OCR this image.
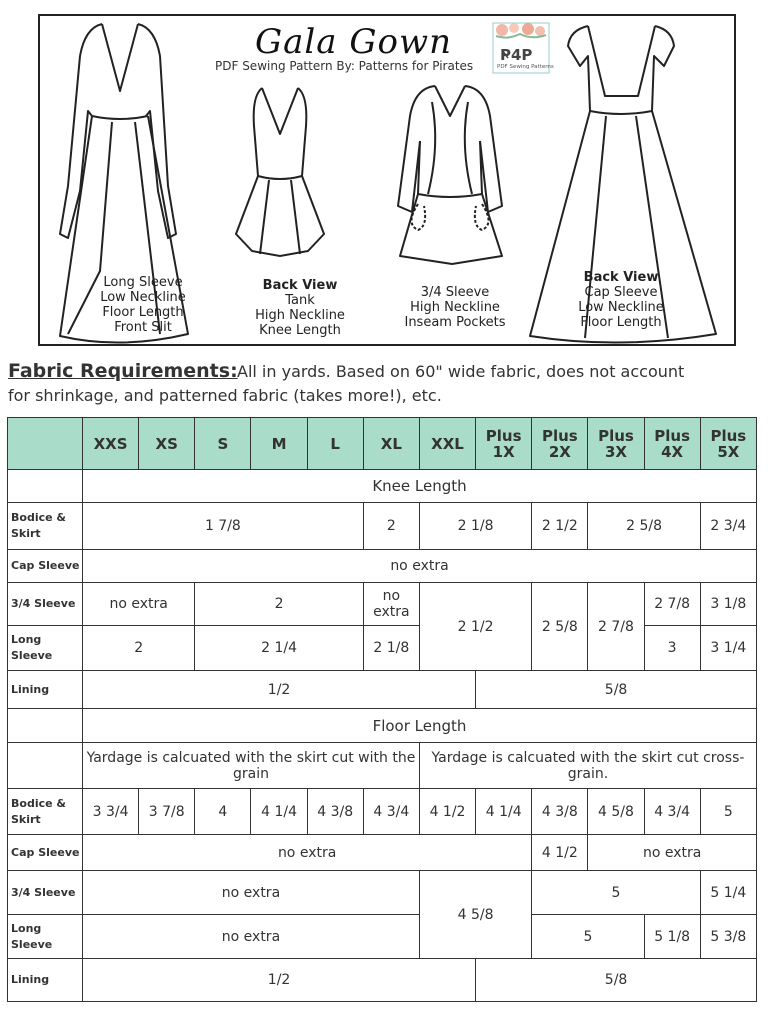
Gala Gown
PDF Sewing Pattern By: Patterns for Pirates
P4P
PDF Sewing Patterns
Long Sleeve
Low Neckline
Floor Length
Front Slit
Back View
Tank
High Neckline
Knee Length
3/4 Sleeve
High Neckline
Inseam Pockets
Back View
Cap Sleeve
Low Neckline
Floor Length
Fabric Requirements: All in yards. Based on 60" wide fabric, does not account
for shrinkage, and patterned fabric (takes more!), etc.
	XXS	XS	S	M	L	XL	XXL	Plus 1X	Plus 2X	Plus 3X	Plus 4X	Plus 5X
	Knee Length											
Bodice & Skirt	1 7/8					2	2 1/8		2 1/2	2 5/8		2 3/4
Cap Sleeve	no extra											
3/4 Sleeve	no extra		2			no extra	2 1/2		2 5/8	2 7/8	2 7/8	3 1/8
Long Sleeve	2		2 1/4			2 1/8					3	3 1/4
Lining	1/2							5/8				
	Floor Length											
	Yardage is calcuated with the skirt cut with the grain						Yardage is calcuated with the skirt cut cross-grain.					
Bodice & Skirt	3 3/4	3 7/8	4	4 1/4	4 3/8	4 3/4	4 1/2	4 1/4	4 3/8	4 5/8	4 3/4	5
Cap Sleeve	no extra								4 1/2	no extra		
3/4 Sleeve	no extra						4 5/8		5			5 1/4
Long Sleeve	no extra								5		5 1/8	5 3/8
Lining	1/2							5/8				
